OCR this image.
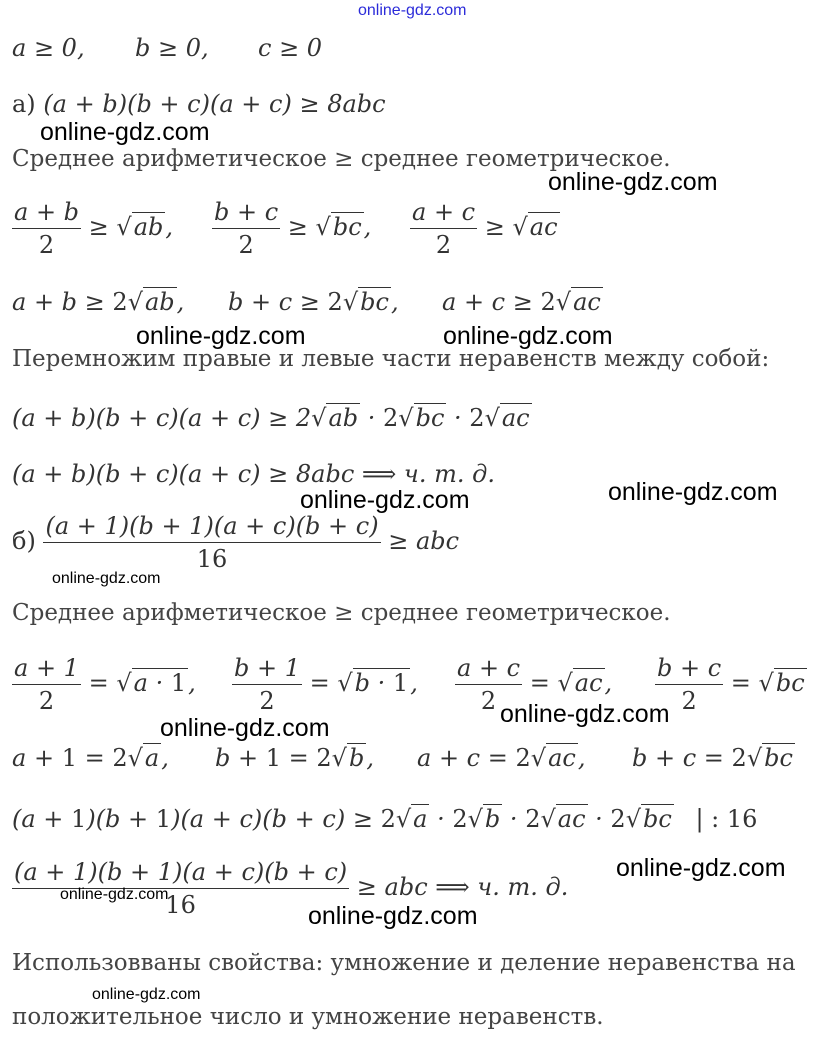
online-gdz.com
a ≥ 0, b ≥ 0, c ≥ 0
а) (a + b)(b + c)(a + c) ≥ 8abc
online-gdz.com
Среднее арифметическое ≥ среднее геометрическое.
online-gdz.com
$\frac{a + b}{2} \ge √ab$, $\frac{b + c}{2} \ge √bc$, $\frac{a + c}{2} \ge √ac$
a + b ≥ 2√ab, b + c ≥ 2√bc, a + c ≥ 2√ac
online-gdz.com	online-gdz.com
Перемножим правые и левые части неравенств между собой:
(a + b)(b + c)(a + c) ≥ 2√ab · 2√bc · 2√ac
(a + b)(b + c)(a + c) ≥ 8abc ⟹ ч. т. д.
online-gdz.com	online-gdz.com
$б) \frac{(a + 1)(b + 1)(a + c)(b + c)}{16}$ ≥ abc
online-gdz.com
Среднее арифметическое ≥ среднее геометрическое.
$\frac{a + 1}{2} = √a \cdot 1$, $\frac{b + 1}{2} = √b \cdot 1$, $\frac{a + c}{2} = √ac$, $\frac{b + c}{2} = √bc$
online-gdz.com	online-gdz.com
a + 1 = 2√a, b + 1 = 2√b, a + c = 2√ac, b + c = 2√bc
(a + 1)(b + 1)(a + c)(b + c) ≥ 2√a · 2√b · 2√ac · 2√bc | : 16
online-gdz.com
$\frac{(a + 1)(b + 1)(a + c)(b + c)}{16}$ ≥ abc ⟹ ч. т. д.
online-gdz.com
online-gdz.com
Использовваны свойства: умножение и деление неравенства на
online-gdz.com
положительное число и умножение неравенств.
